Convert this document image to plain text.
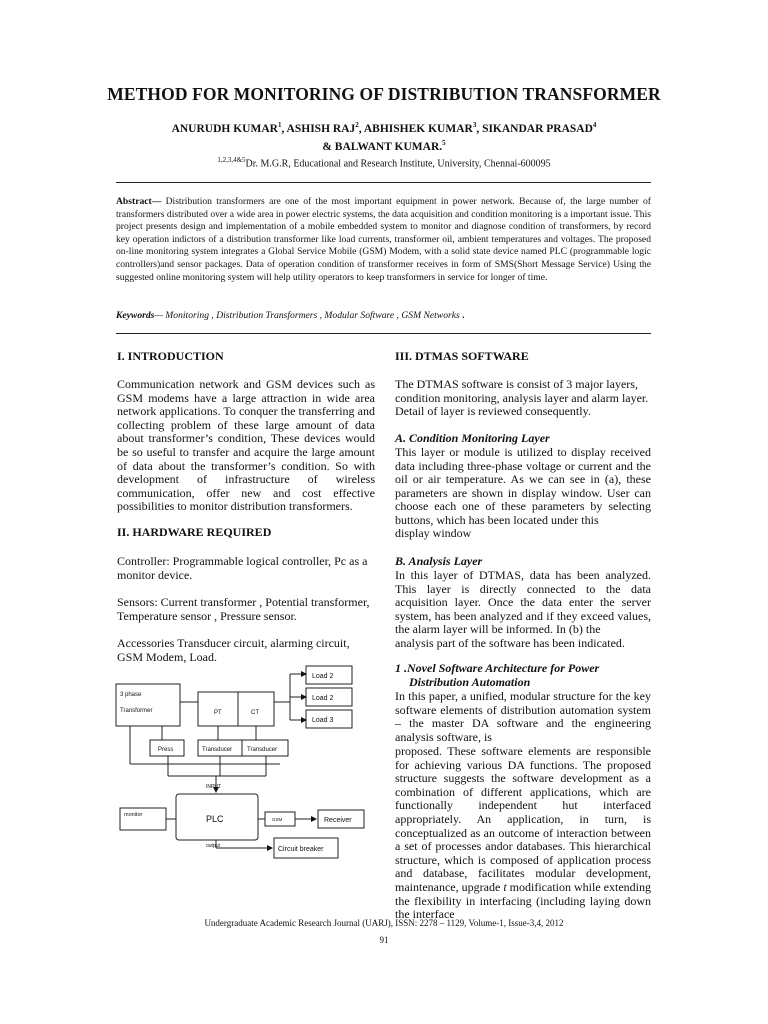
METHOD FOR MONITORING OF DISTRIBUTION TRANSFORMER
ANURUDH KUMAR$^1$, ASHISH RAJ$^2$, ABHISHEK KUMAR$^3$, SIKANDAR PRASAD$^4$
& BALWANT KUMAR.$^5$
$^{1,2,3,4\&5}$Dr. M.G.R, Educational and Research Institute, University, Chennai-600095
Abstract— Distribution transformers are one of the most important equipment in power network. Because of, the large number of transformers distributed over a wide area in power electric systems, the data acquisition and condition monitoring is a important issue. This project presents design and implementation of a mobile embedded system to monitor and diagnose condition of transformers, by record key operation indictors of a distribution transformer like load currents, transformer oil, ambient temperatures and voltages. The proposed on-line monitoring system integrates a Global Service Mobile (GSM) Modem, with a solid state device named PLC (programmable logic controllers)and sensor packages. Data of operation condition of transformer receives in form of SMS(Short Message Service) Using the suggested online monitoring system will help utility operators to keep transformers in service for longer of time.
Keywords— Monitoring , Distribution Transformers , Modular Software , GSM Networks .
I. INTRODUCTION
Communication network and GSM devices such as GSM modems have a large attraction in wide area network applications. To conquer the transferring and collecting problem of these large amount of data about transformer’s condition, These devices would be so useful to transfer and acquire the large amount of data about the transformer’s condition. So with development of infrastructure of wireless communication, offer new and cost effective possibilities to monitor distribution transformers.
II. HARDWARE REQUIRED
Controller: Programmable logical controller, Pc as a monitor device.
Sensors: Current transformer , Potential transformer, Temperature sensor , Pressure sensor.
Accessories Transducer circuit, alarming circuit, GSM Modem, Load.
3 phase
Transformer	PT	CT
Load 2
Load 2
Load 3
Press	Transducer Transducer
INPUT
monitor	PLC	GSM	Receiver
output	Circuit breaker
III. DTMAS SOFTWARE
The DTMAS software is consist of 3 major layers, condition monitoring, analysis layer and alarm layer. Detail of layer is reviewed consequently.
A. Condition Monitoring Layer
This layer or module is utilized to display received data including three-phase voltage or current and the oil or air temperature. As we can see in (a), these parameters are shown in display window. User can choose each one of these parameters by selecting buttons, which has been located under this
display window
B. Analysis Layer
In this layer of DTMAS, data has been analyzed. This layer is directly connected to the data acquisition layer. Once the data enter the server system, has been analyzed and if they exceed values, the alarm layer will be informed. In (b) the
analysis part of the software has been indicated.
1 .Novel Software Architecture for Power
Distribution Automation
In this paper, a unified, modular structure for the key software elements of distribution automation system – the master DA software and the engineering analysis software, is
proposed. These software elements are responsible for achieving various DA functions. The proposed structure suggests the software development as a combination of different applications, which are functionally independent hut interfaced appropriately. An application, in turn, is conceptualized as an outcome of interaction between a set of processes andor databases. This hierarchical structure, which is composed of application process and database, facilitates modular development, maintenance, upgrade t modification while extending the flexibility in interfacing (including laying down the interface
Undergraduate Academic Research Journal (UARJ), ISSN: 2278 – 1129, Volume-1, Issue-3,4, 2012
91
